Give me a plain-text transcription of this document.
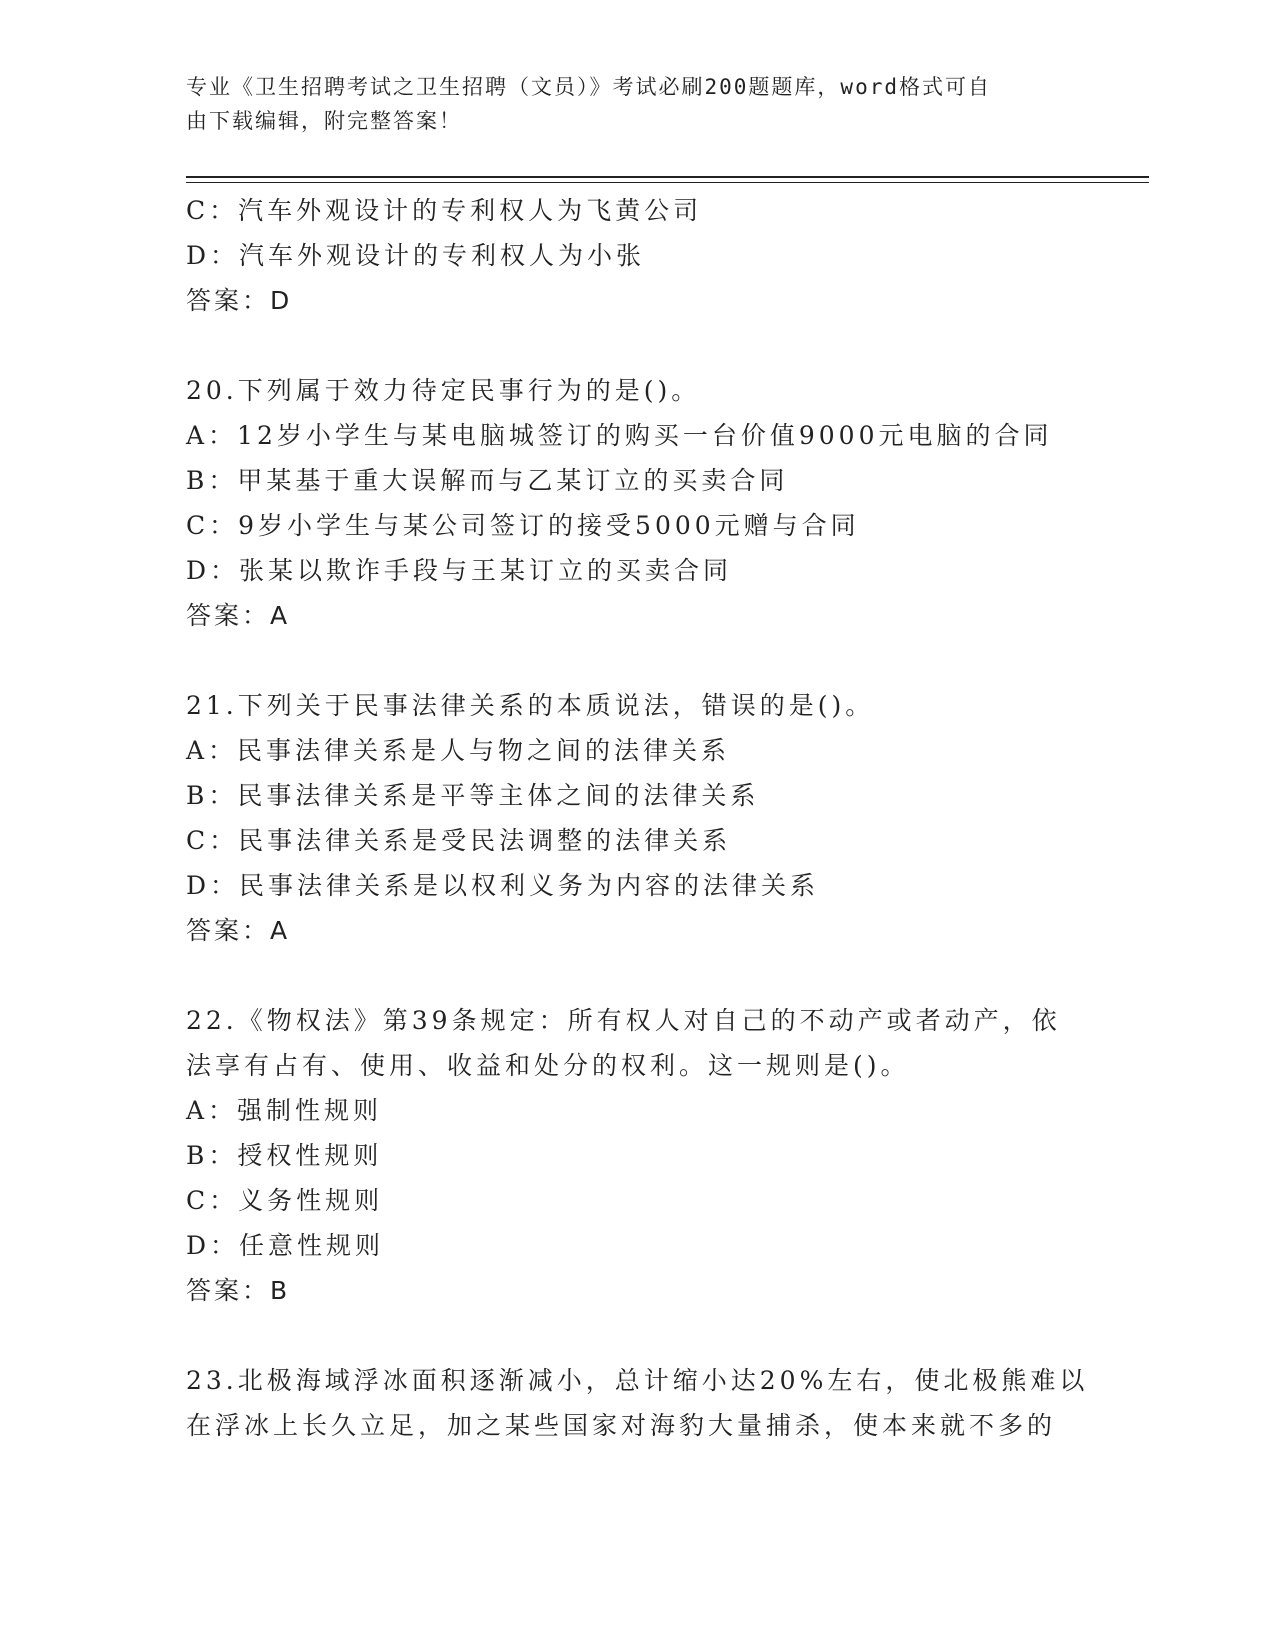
专业《卫生招聘考试之卫生招聘（文员）》考试必刷200题题库，word格式可自
由下载编辑，附完整答案！
C：汽车外观设计的专利权人为飞黄公司
D：汽车外观设计的专利权人为小张
答案：D
20.下列属于效力待定民事行为的是()。
A：12岁小学生与某电脑城签订的购买一台价值9000元电脑的合同
B：甲某基于重大误解而与乙某订立的买卖合同
C：9岁小学生与某公司签订的接受5000元赠与合同
D：张某以欺诈手段与王某订立的买卖合同
答案：A
21.下列关于民事法律关系的本质说法，错误的是()。
A：民事法律关系是人与物之间的法律关系
B：民事法律关系是平等主体之间的法律关系
C：民事法律关系是受民法调整的法律关系
D：民事法律关系是以权利义务为内容的法律关系
答案：A
22.《物权法》第39条规定：所有权人对自己的不动产或者动产，依
法享有占有、使用、收益和处分的权利。这一规则是()。
A：强制性规则
B：授权性规则
C：义务性规则
D：任意性规则
答案：B
23.北极海域浮冰面积逐渐减小，总计缩小达20%左右，使北极熊难以
在浮冰上长久立足，加之某些国家对海豹大量捕杀，使本来就不多的
